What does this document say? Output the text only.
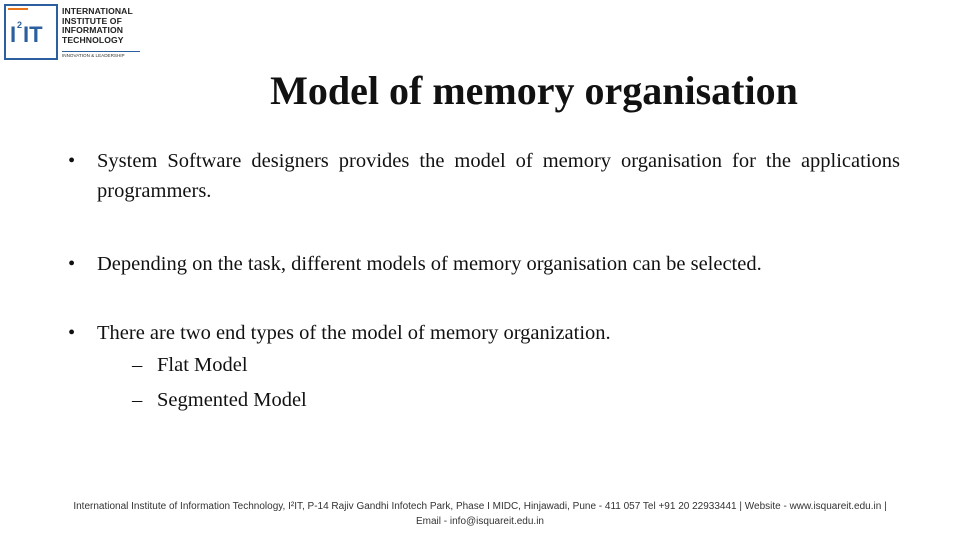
I 2 IT
INTERNATIONAL
INSTITUTE OF
INFORMATION
TECHNOLOGY
INNOVATION & LEADERSHIP
Model of memory organisation
• System Software designers provides the model of memory organisation for the applications programmers.
• Depending on the task, different models of memory organisation can be selected.
• There are two end types of the model of memory organization.
– Flat Model
– Segmented Model
International Institute of Information Technology, I²IT, P-14 Rajiv Gandhi Infotech Park, Phase I MIDC, Hinjawadi, Pune - 411 057 Tel +91 20 22933441 | Website - www.isquareit.edu.in |
Email - info@isquareit.edu.in
